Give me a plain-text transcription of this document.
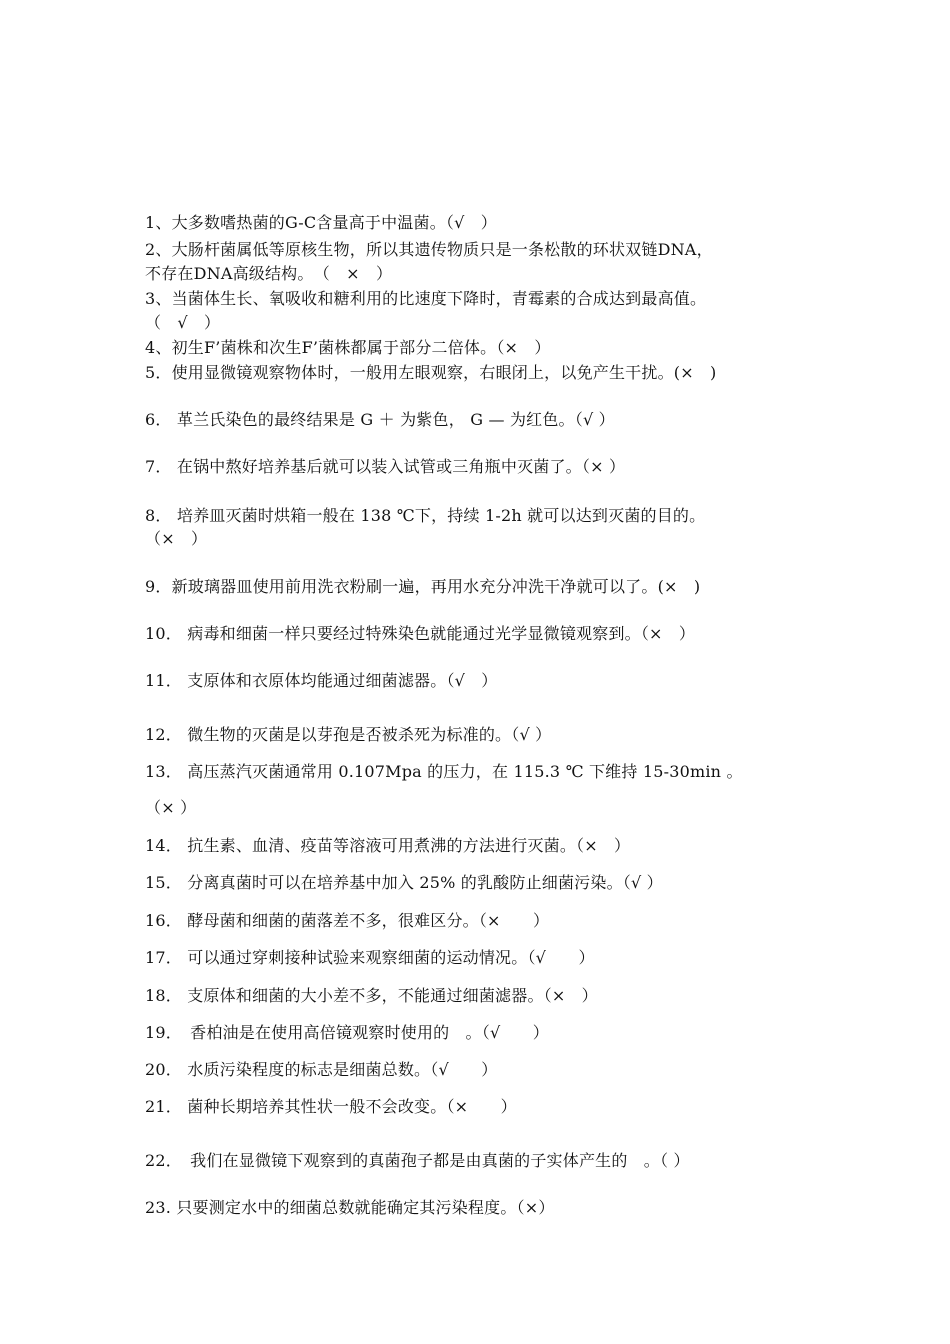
1、大多数嗜热菌的G-C含量高于中温菌。（√　）
2、大肠杆菌属低等原核生物，所以其遗传物质只是一条松散的环状双链DNA，
不存在DNA高级结构。　（　×　）
3、当菌体生长、氧吸收和糖利用的比速度下降时，青霉素的合成达到最高值。
（　√　）
4、初生F’菌株和次生F’菌株都属于部分二倍体。（×　）
5．使用显微镜观察物体时，一般用左眼观察，右眼闭上，以免产生干扰。(×　)
6． 革兰氏染色的最终结果是 G ＋ 为紫色， G — 为红色。（√ ）
7． 在锅中熬好培养基后就可以装入试管或三角瓶中灭菌了。（× ）
8． 培养皿灭菌时烘箱一般在 138 ℃下，持续 1-2h 就可以达到灭菌的目的。
（×　）
9．新玻璃器皿使用前用洗衣粉刷一遍，再用水充分冲洗干净就可以了。(×　)
10． 病毒和细菌一样只要经过特殊染色就能通过光学显微镜观察到。（×　）
11． 支原体和衣原体均能通过细菌滤器。（√　）
12． 微生物的灭菌是以芽孢是否被杀死为标准的。（√ ）
13． 高压蒸汽灭菌通常用 0.107Mpa 的压力，在 115.3 ℃ 下维持 15-30min 。
（× ）
14． 抗生素、血清、疫苗等溶液可用煮沸的方法进行灭菌。（×　）
15． 分离真菌时可以在培养基中加入 25% 的乳酸防止细菌污染。（√ ）
16． 酵母菌和细菌的菌落差不多，很难区分。（×　　）
17． 可以通过穿刺接种试验来观察细菌的运动情况。（√　　）
18． 支原体和细菌的大小差不多，不能通过细菌滤器。（×　）
19．　香柏油是在使用高倍镜观察时使用的　。（√　　）
20． 水质污染程度的标志是细菌总数。（√　　）
21． 菌种长期培养其性状一般不会改变。（×　　）
22．　我们在显微镜下观察到的真菌孢子都是由真菌的子实体产生的　。（ ）
23. 只要测定水中的细菌总数就能确定其污染程度。（×）
